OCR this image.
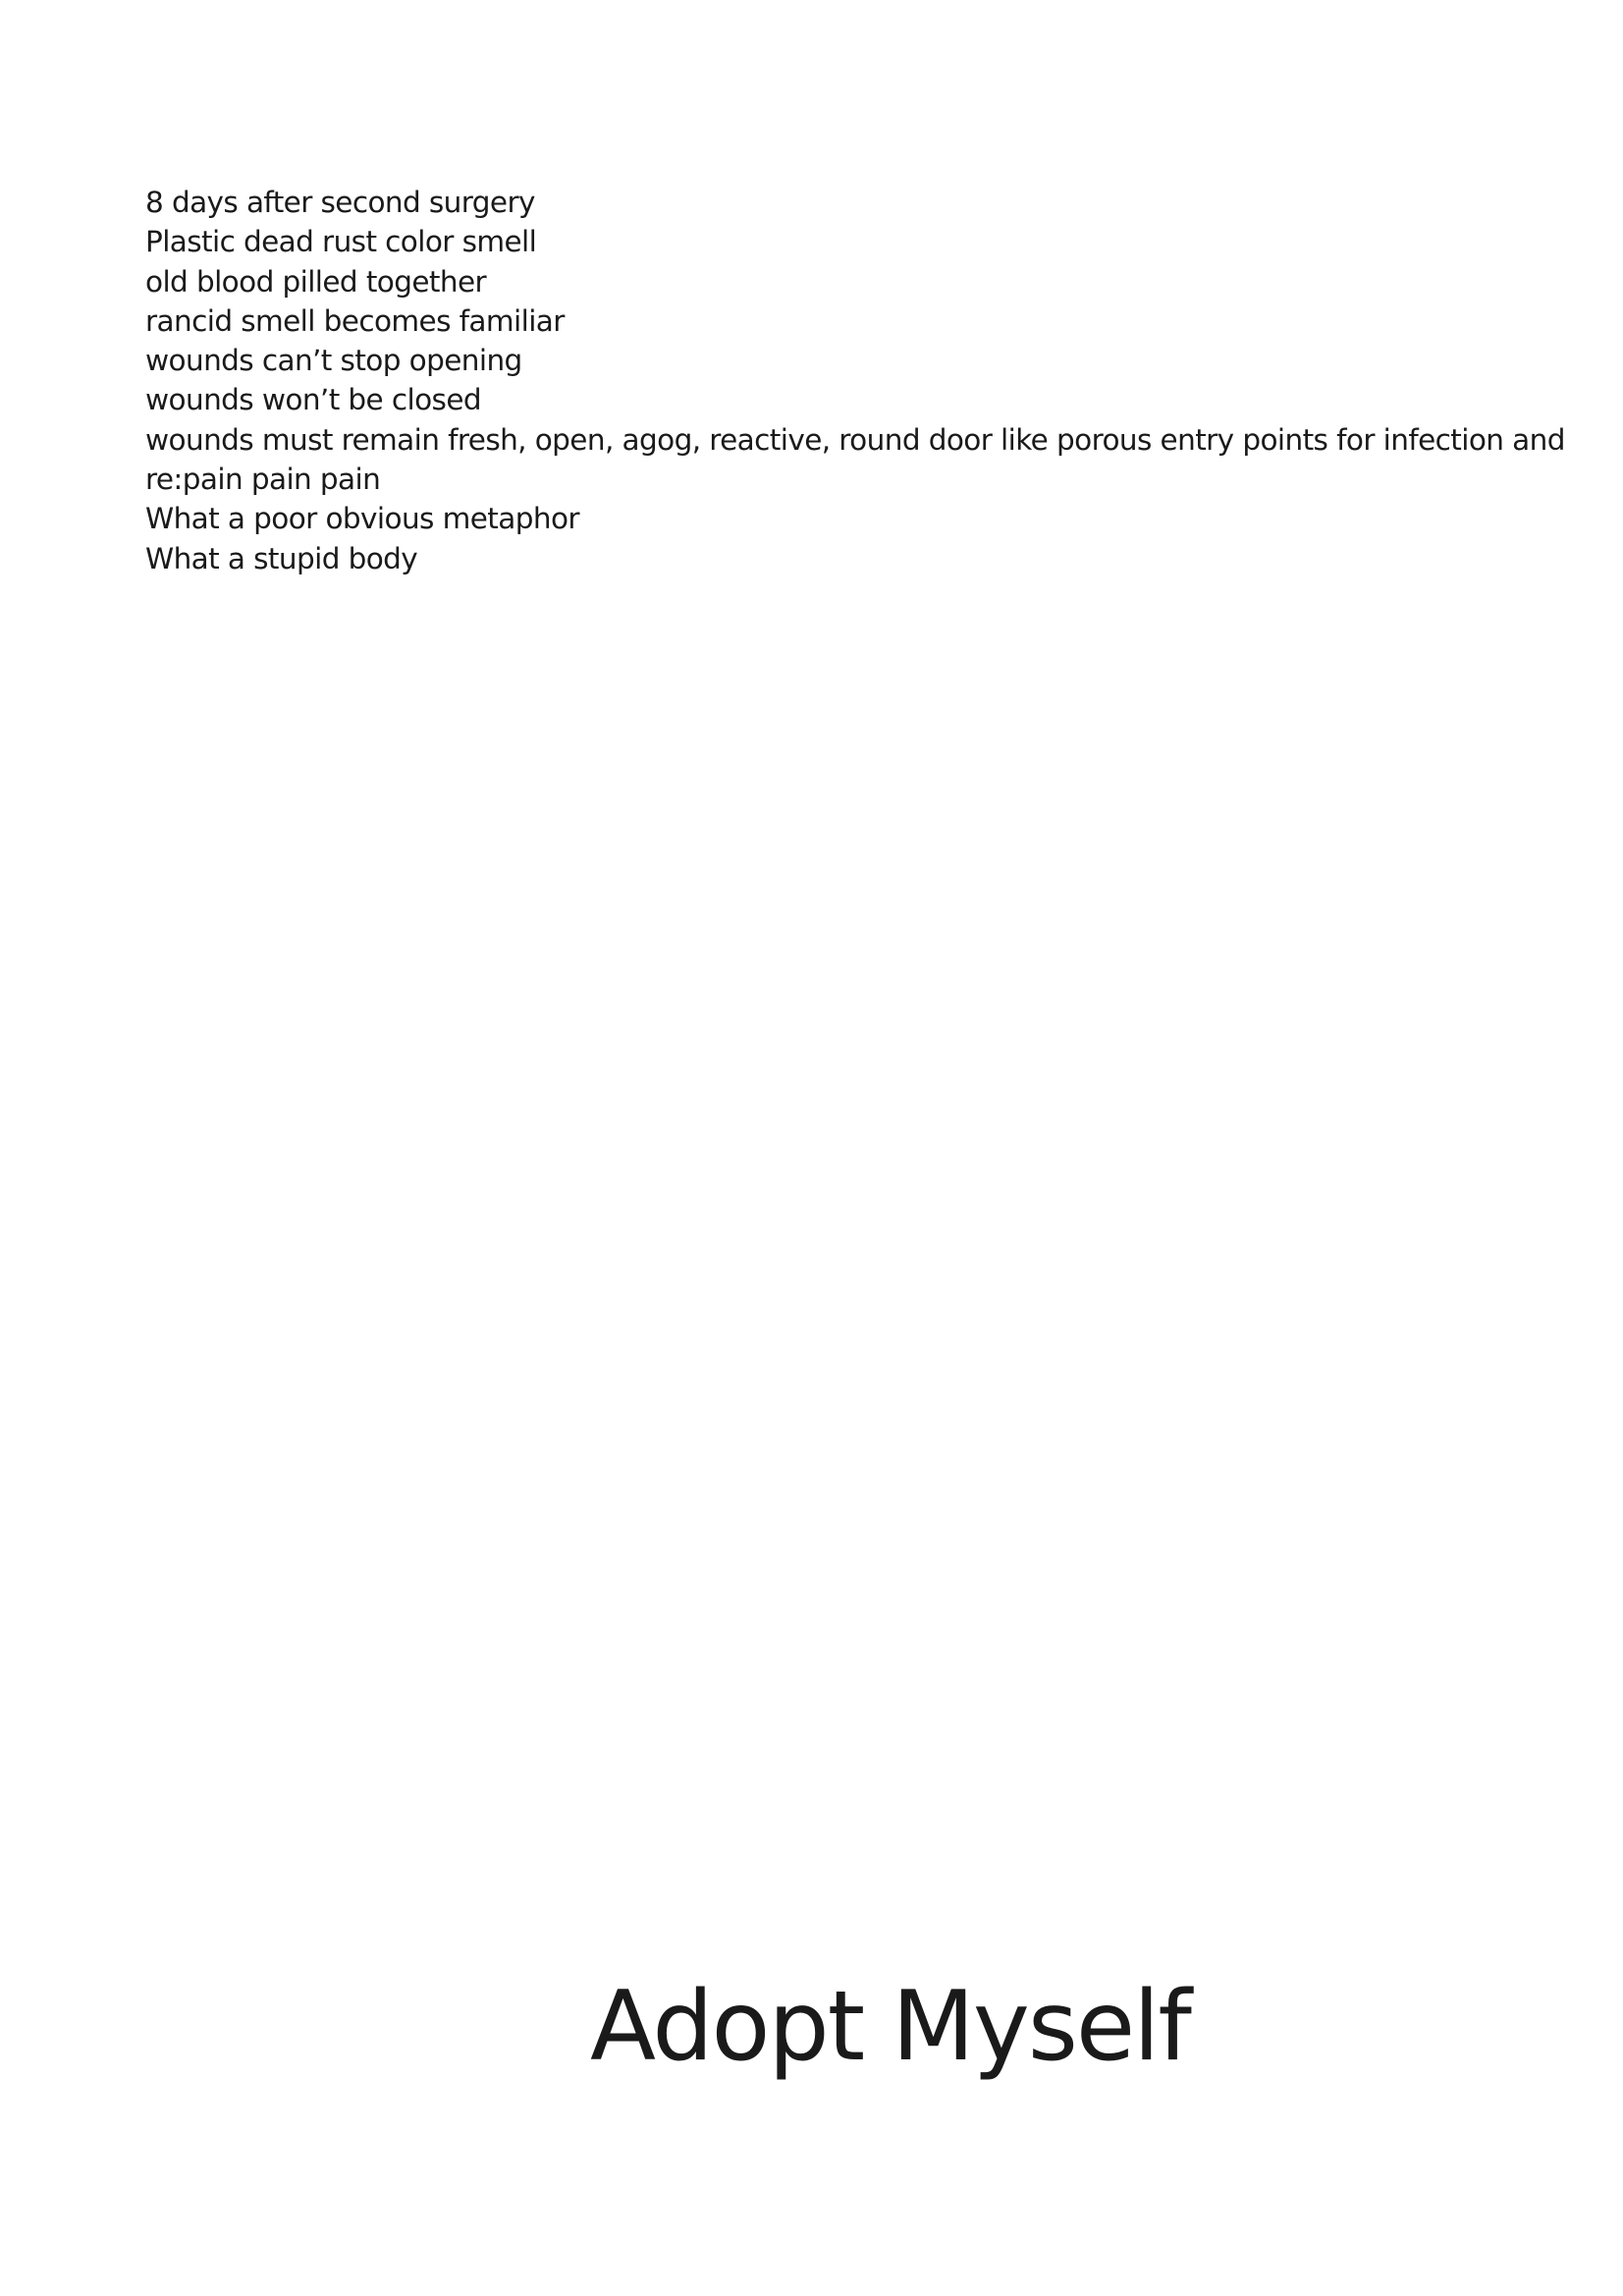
8 days after second surgery
Plastic dead rust color smell
old blood pilled together
rancid smell becomes familiar
wounds can’t stop opening
wounds won’t be closed
wounds must remain fresh, open, agog, reactive, round door like porous entry points for infection and
re:pain pain pain
What a poor obvious metaphor
What a stupid body
Adopt Myself
